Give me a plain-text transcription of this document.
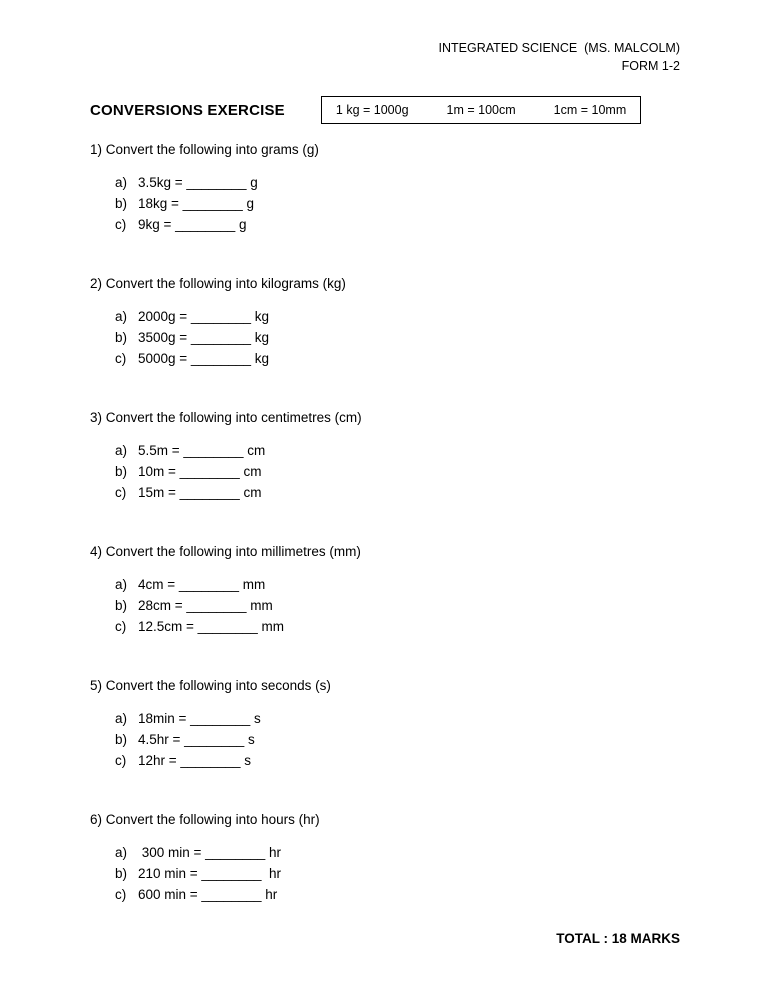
INTEGRATED SCIENCE  (MS. MALCOLM)
FORM 1-2
CONVERSIONS EXERCISE	1 kg = 1000g	1m = 100cm	1cm = 10mm
1) Convert the following into grams (g)
a) 3.5kg = ________ g
b) 18kg = ________ g
c) 9kg = ________ g
2) Convert the following into kilograms (kg)
a) 2000g = ________ kg
b) 3500g = ________ kg
c) 5000g = ________ kg
3) Convert the following into centimetres (cm)
a) 5.5m = ________ cm
b) 10m = ________ cm
c) 15m = ________ cm
4) Convert the following into millimetres (mm)
a) 4cm = ________ mm
b) 28cm = ________ mm
c) 12.5cm = ________ mm
5) Convert the following into seconds (s)
a) 18min = ________ s
b) 4.5hr = ________ s
c) 12hr = ________ s
6) Convert the following into hours (hr)
a) 300 min = ________ hr
b) 210 min = ________  hr
c) 600 min = ________ hr
TOTAL : 18 MARKS
